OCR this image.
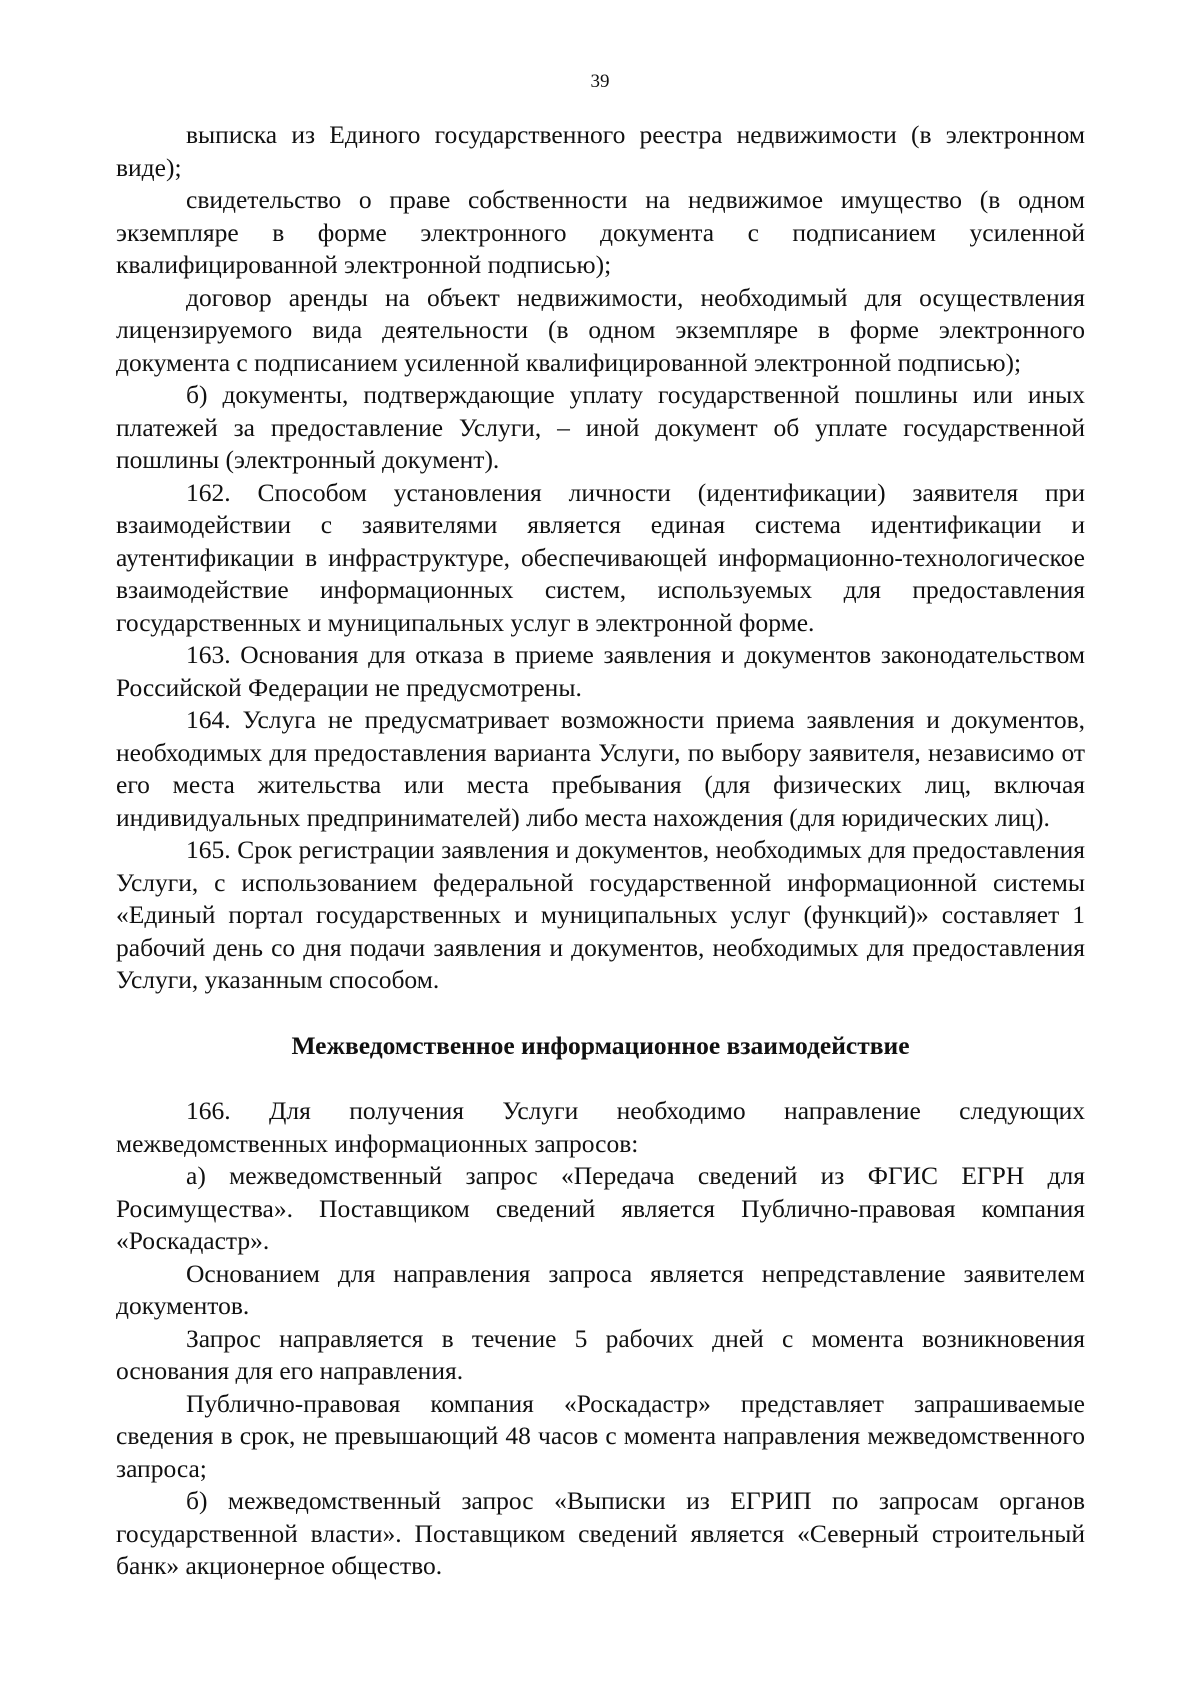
39

выписка из Единого государственного реестра недвижимости (в электронном виде);

свидетельство о праве собственности на недвижимое имущество (в одном экземпляре в форме электронного документа с подписанием усиленной квалифицированной электронной подписью);

договор аренды на объект недвижимости, необходимый для осуществления лицензируемого вида деятельности (в одном экземпляре в форме электронного документа с подписанием усиленной квалифицированной электронной подписью);

б) документы, подтверждающие уплату государственной пошлины или иных платежей за предоставление Услуги, – иной документ об уплате государственной пошлины (электронный документ).

162. Способом установления личности (идентификации) заявителя при взаимодействии с заявителями является единая система идентификации и аутентификации в инфраструктуре, обеспечивающей информационно-технологическое взаимодействие информационных систем, используемых для предоставления государственных и муниципальных услуг в электронной форме.

163. Основания для отказа в приеме заявления и документов законодательством Российской Федерации не предусмотрены.

164. Услуга не предусматривает возможности приема заявления и документов, необходимых для предоставления варианта Услуги, по выбору заявителя, независимо от его места жительства или места пребывания (для физических лиц, включая индивидуальных предпринимателей) либо места нахождения (для юридических лиц).

165. Срок регистрации заявления и документов, необходимых для предоставления Услуги, с использованием федеральной государственной информационной системы «Единый портал государственных и муниципальных услуг (функций)» составляет 1 рабочий день со дня подачи заявления и документов, необходимых для предоставления Услуги, указанным способом.

Межведомственное информационное взаимодействие

166. Для получения Услуги необходимо направление следующих межведомственных информационных запросов:

а) межведомственный запрос «Передача сведений из ФГИС ЕГРН для Росимущества». Поставщиком сведений является Публично-правовая компания «Роскадастр».

Основанием для направления запроса является непредставление заявителем документов.

Запрос направляется в течение 5 рабочих дней с момента возникновения основания для его направления.

Публично-правовая компания «Роскадастр» представляет запрашиваемые сведения в срок, не превышающий 48 часов с момента направления межведомственного запроса;

б) межведомственный запрос «Выписки из ЕГРИП по запросам органов государственной власти». Поставщиком сведений является «Северный строительный банк» акционерное общество.
